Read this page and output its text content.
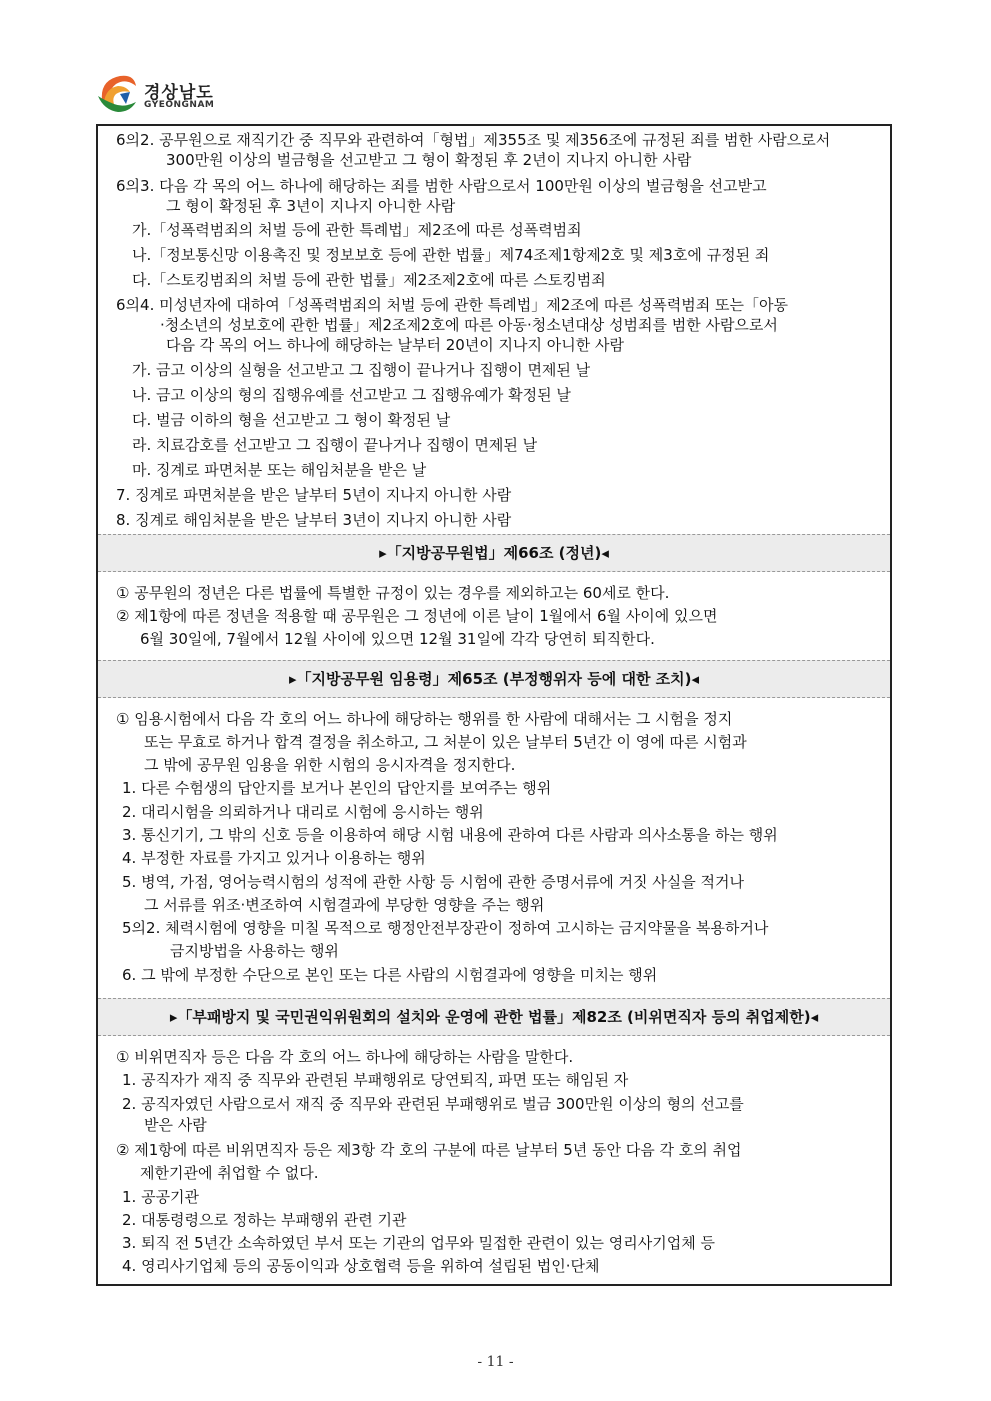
경상남도
GYEONGNAM
6의2. 공무원으로 재직기간 중 직무와 관련하여「형법」제355조 및 제356조에 규정된 죄를 범한 사람으로서
300만원 이상의 벌금형을 선고받고 그 형이 확정된 후 2년이 지나지 아니한 사람
6의3. 다음 각 목의 어느 하나에 해당하는 죄를 범한 사람으로서 100만원 이상의 벌금형을 선고받고
그 형이 확정된 후 3년이 지나지 아니한 사람
가.「성폭력범죄의 처벌 등에 관한 특례법」제2조에 따른 성폭력범죄
나.「정보통신망 이용촉진 및 정보보호 등에 관한 법률」제74조제1항제2호 및 제3호에 규정된 죄
다.「스토킹범죄의 처벌 등에 관한 법률」제2조제2호에 따른 스토킹범죄
6의4. 미성년자에 대하여「성폭력범죄의 처벌 등에 관한 특례법」제2조에 따른 성폭력범죄 또는「아동
·청소년의 성보호에 관한 법률」제2조제2호에 따른 아동·청소년대상 성범죄를 범한 사람으로서
다음 각 목의 어느 하나에 해당하는 날부터 20년이 지나지 아니한 사람
가. 금고 이상의 실형을 선고받고 그 집행이 끝나거나 집행이 면제된 날
나. 금고 이상의 형의 집행유예를 선고받고 그 집행유예가 확정된 날
다. 벌금 이하의 형을 선고받고 그 형이 확정된 날
라. 치료감호를 선고받고 그 집행이 끝나거나 집행이 면제된 날
마. 징계로 파면처분 또는 해임처분을 받은 날
7. 징계로 파면처분을 받은 날부터 5년이 지나지 아니한 사람
8. 징계로 해임처분을 받은 날부터 3년이 지나지 아니한 사람
▸「지방공무원법」제66조 (정년)◂
① 공무원의 정년은 다른 법률에 특별한 규정이 있는 경우를 제외하고는 60세로 한다.
② 제1항에 따른 정년을 적용할 때 공무원은 그 정년에 이른 날이 1월에서 6월 사이에 있으면
6월 30일에, 7월에서 12월 사이에 있으면 12월 31일에 각각 당연히 퇴직한다.
▸「지방공무원 임용령」제65조 (부정행위자 등에 대한 조치)◂
① 임용시험에서 다음 각 호의 어느 하나에 해당하는 행위를 한 사람에 대해서는 그 시험을 정지
또는 무효로 하거나 합격 결정을 취소하고, 그 처분이 있은 날부터 5년간 이 영에 따른 시험과
그 밖에 공무원 임용을 위한 시험의 응시자격을 정지한다.
1. 다른 수험생의 답안지를 보거나 본인의 답안지를 보여주는 행위
2. 대리시험을 의뢰하거나 대리로 시험에 응시하는 행위
3. 통신기기, 그 밖의 신호 등을 이용하여 해당 시험 내용에 관하여 다른 사람과 의사소통을 하는 행위
4. 부정한 자료를 가지고 있거나 이용하는 행위
5. 병역, 가점, 영어능력시험의 성적에 관한 사항 등 시험에 관한 증명서류에 거짓 사실을 적거나
그 서류를 위조·변조하여 시험결과에 부당한 영향을 주는 행위
5의2. 체력시험에 영향을 미칠 목적으로 행정안전부장관이 정하여 고시하는 금지약물을 복용하거나
금지방법을 사용하는 행위
6. 그 밖에 부정한 수단으로 본인 또는 다른 사람의 시험결과에 영향을 미치는 행위
▸「부패방지 및 국민권익위원회의 설치와 운영에 관한 법률」제82조 (비위면직자 등의 취업제한)◂
① 비위면직자 등은 다음 각 호의 어느 하나에 해당하는 사람을 말한다.
1. 공직자가 재직 중 직무와 관련된 부패행위로 당연퇴직, 파면 또는 해임된 자
2. 공직자였던 사람으로서 재직 중 직무와 관련된 부패행위로 벌금 300만원 이상의 형의 선고를
받은 사람
② 제1항에 따른 비위면직자 등은 제3항 각 호의 구분에 따른 날부터 5년 동안 다음 각 호의 취업
제한기관에 취업할 수 없다.
1. 공공기관
2. 대통령령으로 정하는 부패행위 관련 기관
3. 퇴직 전 5년간 소속하였던 부서 또는 기관의 업무와 밀접한 관련이 있는 영리사기업체 등
4. 영리사기업체 등의 공동이익과 상호협력 등을 위하여 설립된 법인·단체
- 11 -
